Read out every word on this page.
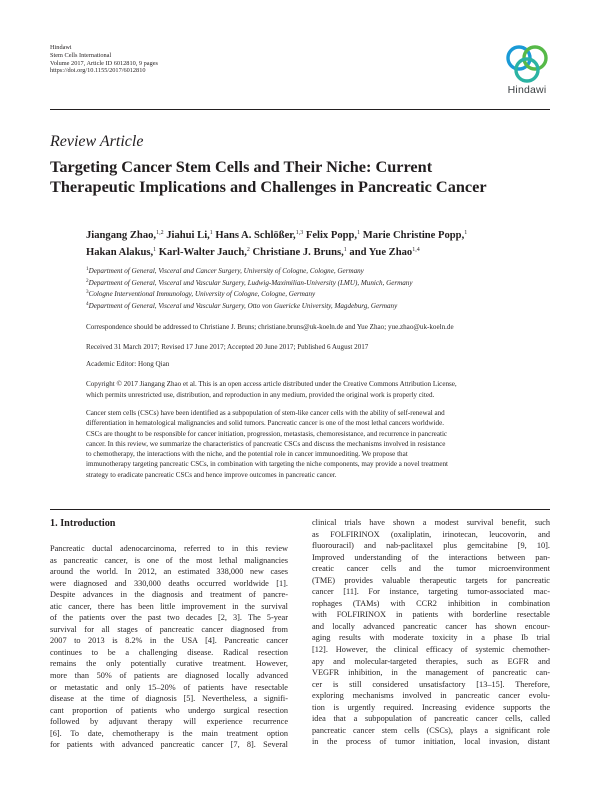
Hindawi
Stem Cells International
Volume 2017, Article ID 6012810, 9 pages
https://doi.org/10.1155/2017/6012810
Hindawi
Review Article
Targeting Cancer Stem Cells and Their Niche: Current
Therapeutic Implications and Challenges in Pancreatic Cancer
Jiangang Zhao,$^{1,2}$ Jiahui Li,$^1$ Hans A. Schlößer,$^{1,3}$ Felix Popp,$^1$ Marie Christine Popp,$^1$
Hakan Alakus,$^1$ Karl-Walter Jauch,$^2$ Christiane J. Bruns,$^1$ and Yue Zhao$^{1,4}$
$^1$Department of General, Visceral and Cancer Surgery, University of Cologne, Cologne, Germany
$^2$Department of General, Visceral und Vascular Surgery, Ludwig-Maximilian-University (LMU), Munich, Germany
$^3$Cologne Interventional Immunology, University of Cologne, Cologne, Germany
$^4$Department of General, Visceral und Vascular Surgery, Otto von Guericke University, Magdeburg, Germany
Correspondence should be addressed to Christiane J. Bruns; christiane.bruns@uk-koeln.de and Yue Zhao; yue.zhao@uk-koeln.de
Received 31 March 2017; Revised 17 June 2017; Accepted 20 June 2017; Published 6 August 2017
Academic Editor: Hong Qian
Copyright © 2017 Jiangang Zhao et al. This is an open access article distributed under the Creative Commons Attribution License,
which permits unrestricted use, distribution, and reproduction in any medium, provided the original work is properly cited.
Cancer stem cells (CSCs) have been identified as a subpopulation of stem-like cancer cells with the ability of self-renewal and
differentiation in hematological malignancies and solid tumors. Pancreatic cancer is one of the most lethal cancers worldwide.
CSCs are thought to be responsible for cancer initiation, progression, metastasis, chemoresistance, and recurrence in pancreatic
cancer. In this review, we summarize the characteristics of pancreatic CSCs and discuss the mechanisms involved in resistance
to chemotherapy, the interactions with the niche, and the potential role in cancer immunoediting. We propose that
immunotherapy targeting pancreatic CSCs, in combination with targeting the niche components, may provide a novel treatment
strategy to eradicate pancreatic CSCs and hence improve outcomes in pancreatic cancer.
1. Introduction
Pancreatic ductal adenocarcinoma, referred to in this review
as pancreatic cancer, is one of the most lethal malignancies
around the world. In 2012, an estimated 338,000 new cases
were diagnosed and 330,000 deaths occurred worldwide [1].
Despite advances in the diagnosis and treatment of pancre-
atic cancer, there has been little improvement in the survival
of the patients over the past two decades [2, 3]. The 5-year
survival for all stages of pancreatic cancer diagnosed from
2007 to 2013 is 8.2% in the USA [4]. Pancreatic cancer
continues to be a challenging disease. Radical resection
remains the only potentially curative treatment. However,
more than 50% of patients are diagnosed locally advanced
or metastatic and only 15–20% of patients have resectable
disease at the time of diagnosis [5]. Nevertheless, a signifi-
cant proportion of patients who undergo surgical resection
followed by adjuvant therapy will experience recurrence
[6]. To date, chemotherapy is the main treatment option
for patients with advanced pancreatic cancer [7, 8]. Several
clinical trials have shown a modest survival benefit, such
as FOLFIRINOX (oxaliplatin, irinotecan, leucovorin, and
fluorouracil) and nab-paclitaxel plus gemcitabine [9, 10].
Improved understanding of the interactions between pan-
creatic cancer cells and the tumor microenvironment
(TME) provides valuable therapeutic targets for pancreatic
cancer [11]. For instance, targeting tumor-associated mac-
rophages (TAMs) with CCR2 inhibition in combination
with FOLFIRINOX in patients with borderline resectable
and locally advanced pancreatic cancer has shown encour-
aging results with moderate toxicity in a phase Ib trial
[12]. However, the clinical efficacy of systemic chemother-
apy and molecular-targeted therapies, such as EGFR and
VEGFR inhibition, in the management of pancreatic can-
cer is still considered unsatisfactory [13–15]. Therefore,
exploring mechanisms involved in pancreatic cancer evolu-
tion is urgently required. Increasing evidence supports the
idea that a subpopulation of pancreatic cancer cells, called
pancreatic cancer stem cells (CSCs), plays a significant role
in the process of tumor initiation, local invasion, distant
